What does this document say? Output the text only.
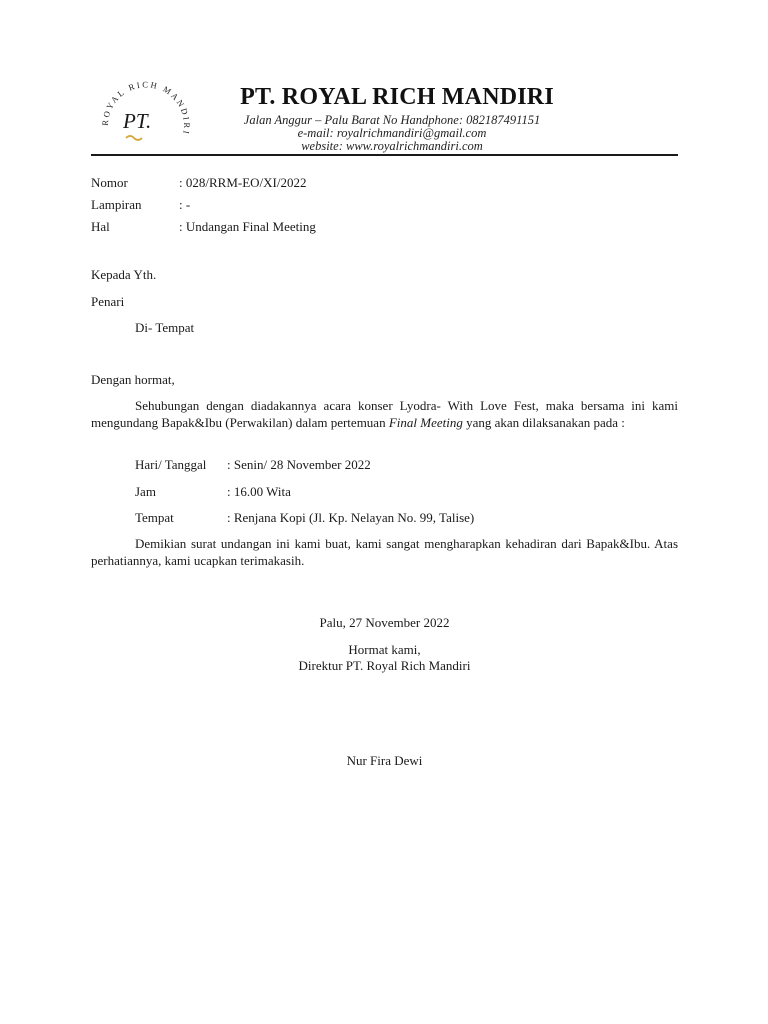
ROYAL RICH MANDIRI
PT.
PT. ROYAL RICH MANDIRI
Jalan Anggur – Palu Barat No Handphone: 082187491151
e-mail: royalrichmandiri@gmail.com
website: www.royalrichmandiri.com
Nomor	: 028/RRM-EO/XI/2022
Lampiran	: -
Hal	: Undangan Final Meeting
Kepada Yth.
Penari
Di- Tempat
Dengan hormat,
Sehubungan dengan diadakannya acara konser Lyodra- With Love Fest, maka bersama ini kami mengundang Bapak&Ibu (Perwakilan) dalam pertemuan Final Meeting yang akan dilaksanakan pada :
Hari/ Tanggal : Senin/ 28 November 2022
Jam	: 16.00 Wita
Tempat	: Renjana Kopi (Jl. Kp. Nelayan No. 99, Talise)
Demikian surat undangan ini kami buat, kami sangat mengharapkan kehadiran dari Bapak&Ibu. Atas perhatiannya, kami ucapkan terimakasih.
Palu, 27 November 2022
Hormat kami,
Direktur PT. Royal Rich Mandiri
Nur Fira Dewi
